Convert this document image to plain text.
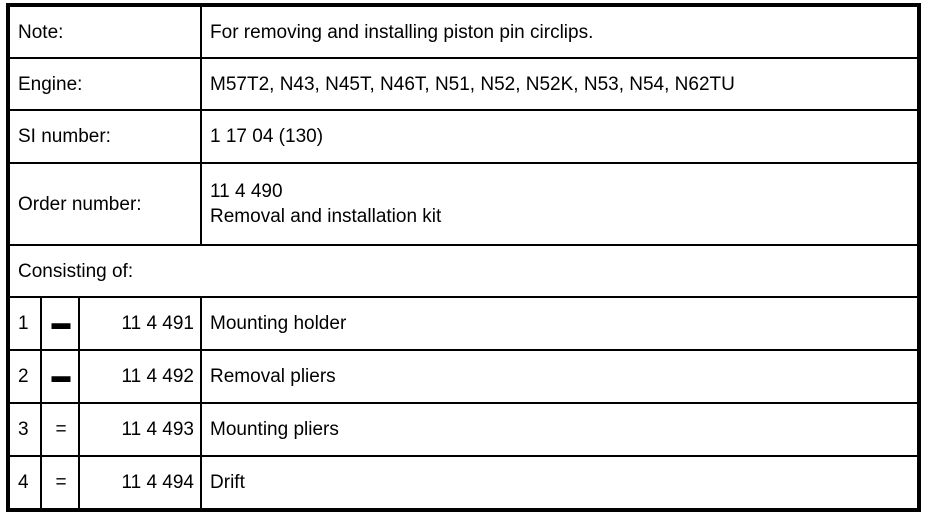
Note:			For removing and installing piston pin circlips.
Engine:			M57T2, N43, N45T, N46T, N51, N52, N52K, N53, N54, N62TU
SI number:			1 17 04 (130)
Order number:			11 4 490
Removal and installation kit

Consisting of:			
1	▬	11 4 491	Mounting holder
2	▬	11 4 492	Removal pliers
3	=	11 4 493	Mounting pliers
4	=	11 4 494	Drift
